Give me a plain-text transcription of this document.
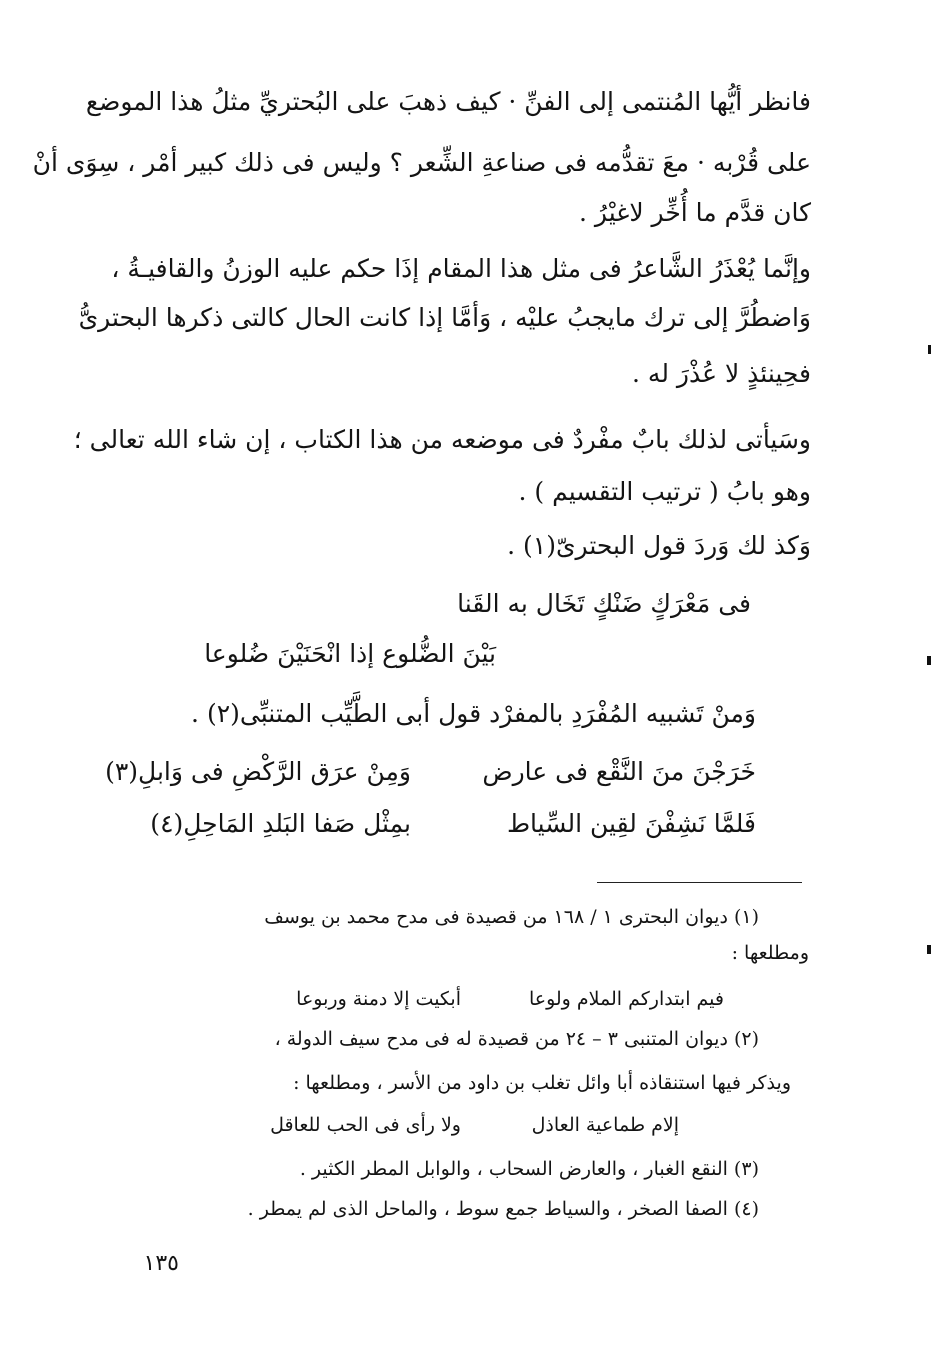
فانظر أيُّها المُنتمى إلى الفنِّ · كيف ذهبَ على البُحتريِّ مثلُ هذا الموضع
على قُرْبه · معَ تقدُّمه فى صناعةِ الشِّعر ؟ وليس فى ذلك كبير أمْر ، سِوَى أنْ
كان قدَّم ما أُخِّر لاغيْرُ .
وإنَّما يُعْذَرُ الشَّاعرُ فى مثل هذا المقام إذَا حكم عليه الوزنُ والقافيـةُ ،
وَاضطُرَّ إلى ترك مايجبُ عليْه ، وَأمَّا إذا كانت الحال كالتى ذكرها البحترىُّ
فحِينئذٍ لا عُذْرَ له .
وسَيأتى لذلك بابٌ مفْردٌ فى موضعه من هذا الكتاب ، إن شاء الله تعالى ؛
وهو بابُ ( ترتيب التقسيم ) .
وَكذ لك وَردَ قول البحترىّ(١) .
فى مَعْرَكٍ ضَنْكٍ تَخَال به القَنا
بَيْنَ الضُّلوع إذا انْحَنَيْنَ ضُلوعا
وَمنْ تَشبيه المُفْرَدِ بالمفرْد قول أبى الطَّيِّب المتنبِّى(٢) .
خَرَجْنَ منَ النَّقْع فى عارض
وَمِنْ عرَق الرَّكْضِ فى وَابلِ(٣)
فَلمَّا نَشِفْنَ لقِين السِّياط
بمِثْل صَفا البَلدِ المَاحِلِ(٤)
(١) ديوان البحترى ١ / ١٦٨ من قصيدة فى مدح محمد بن يوسف
ومطلعها :
فيم ابتداركم الملام ولوعا
أبكيت إلا دمنة وربوعا
(٢) ديوان المتنبى ٣ – ٢٤ من قصيدة له فى مدح سيف الدولة ،
ويذكر فيها استنقاذه أبا وائل تغلب بن داود من الأسر ، ومطلعها :
إلام طماعية العاذل
ولا رأى فى الحب للعاقل
(٣) النقع الغبار ، والعارض السحاب ، والوابل المطر الكثير .
(٤) الصفا الصخر ، والسياط جمع سوط ، والماحل الذى لم يمطر .
١٣٥
